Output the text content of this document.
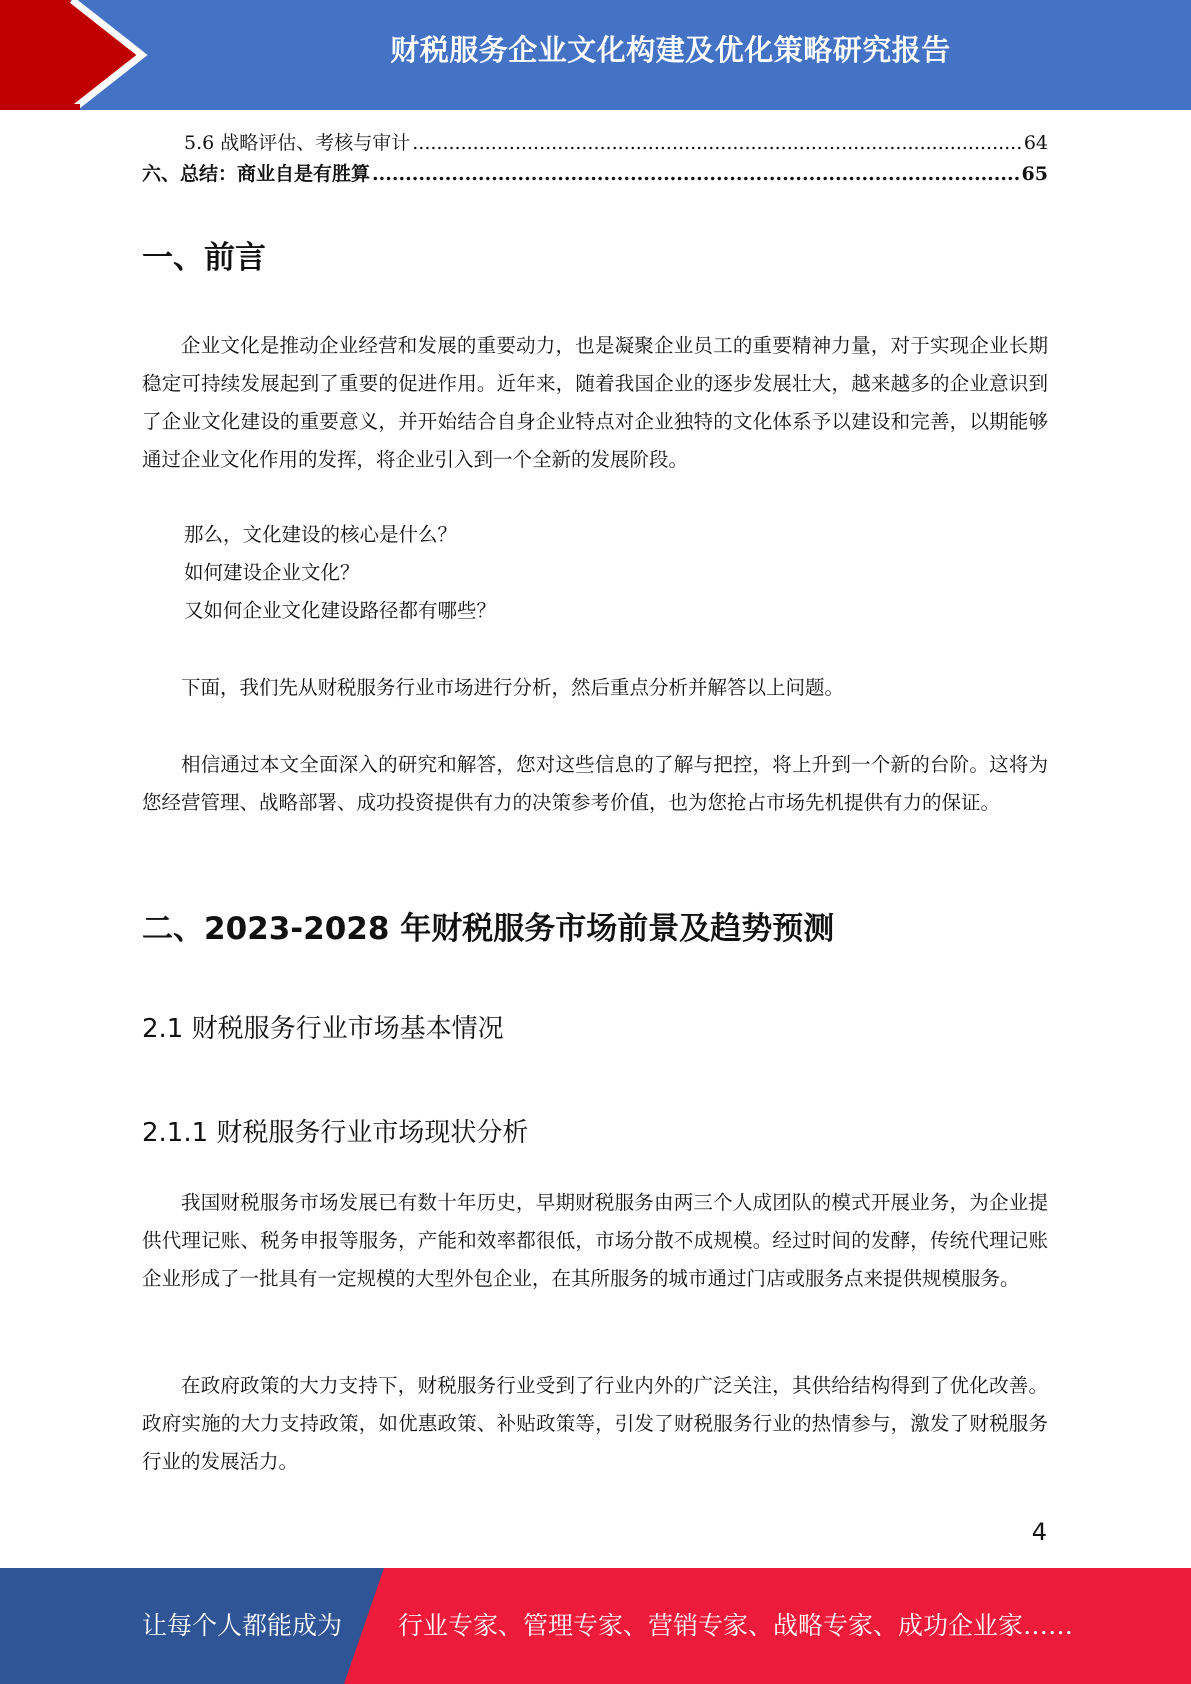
财税服务企业文化构建及优化策略研究报告
5.6 战略评估、考核与审计 .....	64
六、总结：商业自是有胜算 .....	65
一、前言

企业文化是推动企业经营和发展的重要动力，也是凝聚企业员工的重要精神力量，对于实现企业长期稳定可持续发展起到了重要的促进作用。近年来，随着我国企业的逐步发展壮大，越来越多的企业意识到了企业文化建设的重要意义，并开始结合自身企业特点对企业独特的文化体系予以建设和完善，以期能够通过企业文化作用的发挥，将企业引入到一个全新的发展阶段。

那么，文化建设的核心是什么？
如何建设企业文化？
又如何企业文化建设路径都有哪些？

下面，我们先从财税服务行业市场进行分析，然后重点分析并解答以上问题。

相信通过本文全面深入的研究和解答，您对这些信息的了解与把控，将上升到一个新的台阶。这将为您经营管理、战略部署、成功投资提供有力的决策参考价值，也为您抢占市场先机提供有力的保证。

二、2023-2028 年财税服务市场前景及趋势预测
2.1 财税服务行业市场基本情况
2.1.1 财税服务行业市场现状分析

我国财税服务市场发展已有数十年历史，早期财税服务由两三个人成团队的模式开展业务，为企业提供代理记账、税务申报等服务，产能和效率都很低，市场分散不成规模。经过时间的发酵，传统代理记账企业形成了一批具有一定规模的大型外包企业，在其所服务的城市通过门店或服务点来提供规模服务。

在政府政策的大力支持下，财税服务行业受到了行业内外的广泛关注，其供给结构得到了优化改善。政府实施的大力支持政策，如优惠政策、补贴政策等，引发了财税服务行业的热情参与，激发了财税服务行业的发展活力。

4
让每个人都能成为 行业专家、管理专家、营销专家、战略专家、成功企业家……
